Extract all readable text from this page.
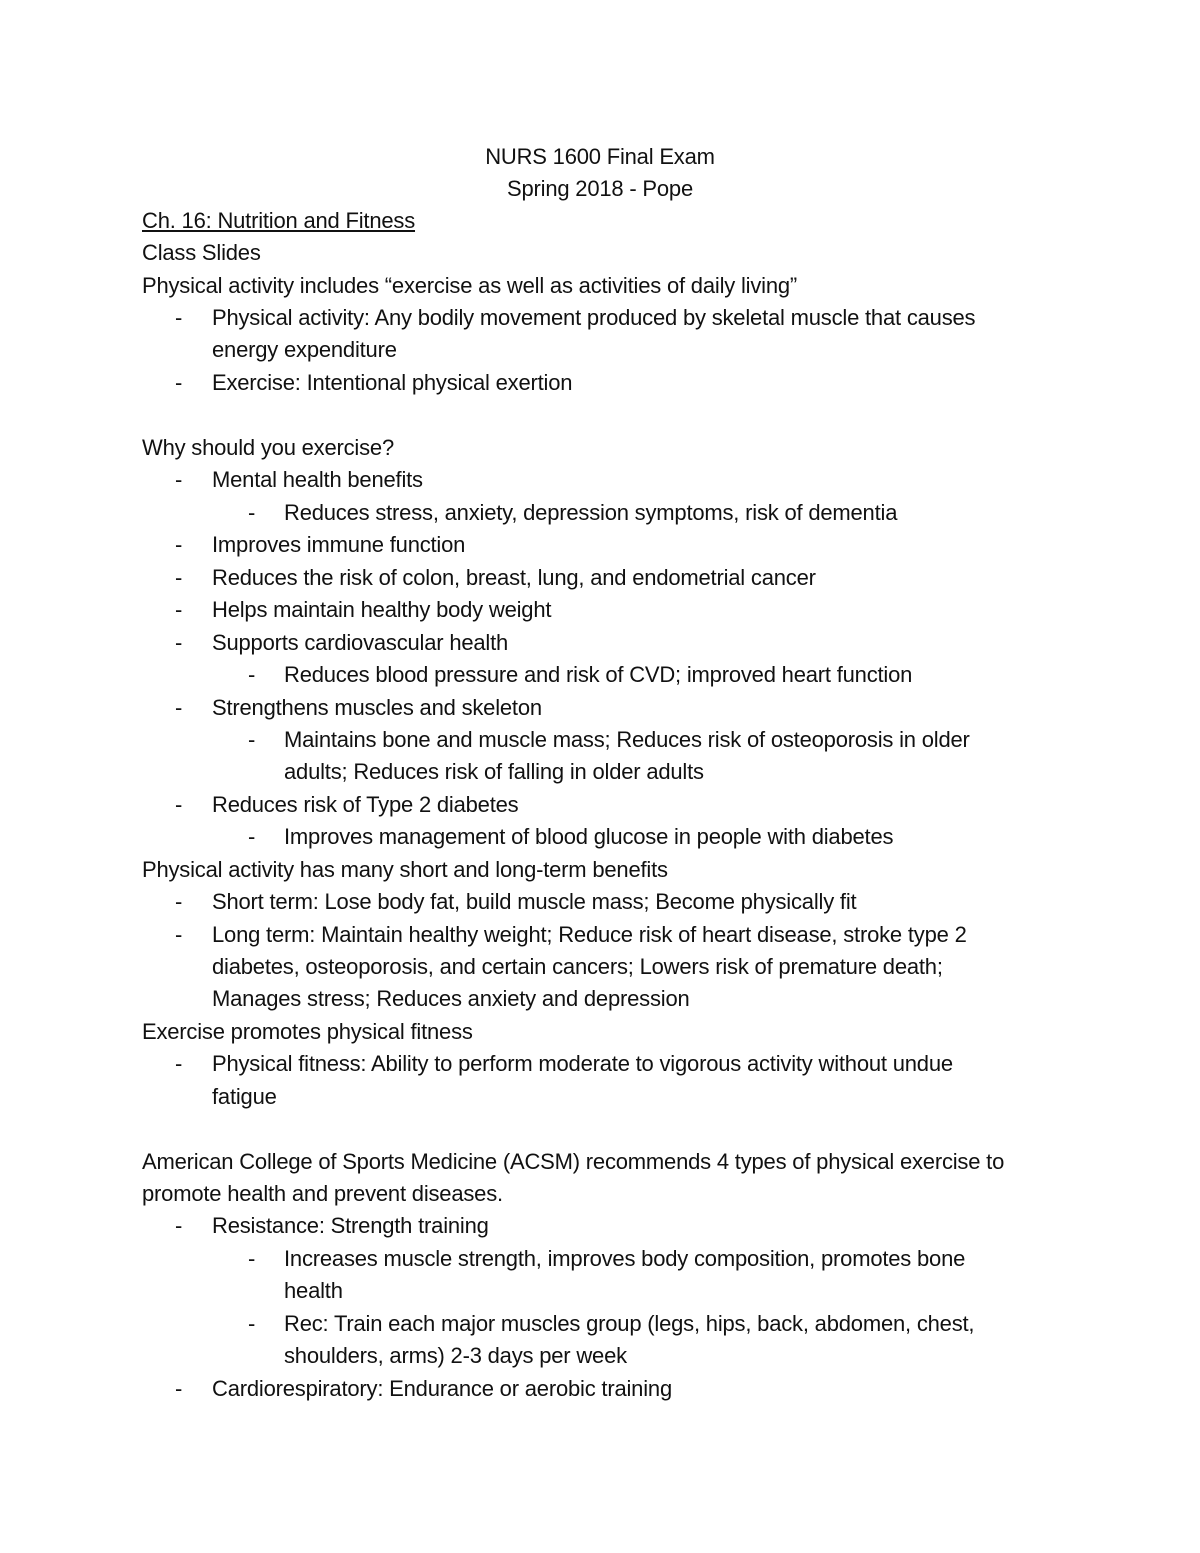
NURS 1600 Final Exam
Spring 2018 - Pope
Ch. 16: Nutrition and Fitness
Class Slides
Physical activity includes “exercise as well as activities of daily living”
- Physical activity: Any bodily movement produced by skeletal muscle that causes
energy expenditure
- Exercise: Intentional physical exertion
Why should you exercise?
- Mental health benefits
- Reduces stress, anxiety, depression symptoms, risk of dementia
- Improves immune function
- Reduces the risk of colon, breast, lung, and endometrial cancer
- Helps maintain healthy body weight
- Supports cardiovascular health
- Reduces blood pressure and risk of CVD; improved heart function
- Strengthens muscles and skeleton
- Maintains bone and muscle mass; Reduces risk of osteoporosis in older
adults; Reduces risk of falling in older adults
- Reduces risk of Type 2 diabetes
- Improves management of blood glucose in people with diabetes
Physical activity has many short and long-term benefits
- Short term: Lose body fat, build muscle mass; Become physically fit
- Long term: Maintain healthy weight; Reduce risk of heart disease, stroke type 2
diabetes, osteoporosis, and certain cancers; Lowers risk of premature death;
Manages stress; Reduces anxiety and depression
Exercise promotes physical fitness
- Physical fitness: Ability to perform moderate to vigorous activity without undue
fatigue
American College of Sports Medicine (ACSM) recommends 4 types of physical exercise to
promote health and prevent diseases.
- Resistance: Strength training
- Increases muscle strength, improves body composition, promotes bone
health
- Rec: Train each major muscles group (legs, hips, back, abdomen, chest,
shoulders, arms) 2-3 days per week
- Cardiorespiratory: Endurance or aerobic training
